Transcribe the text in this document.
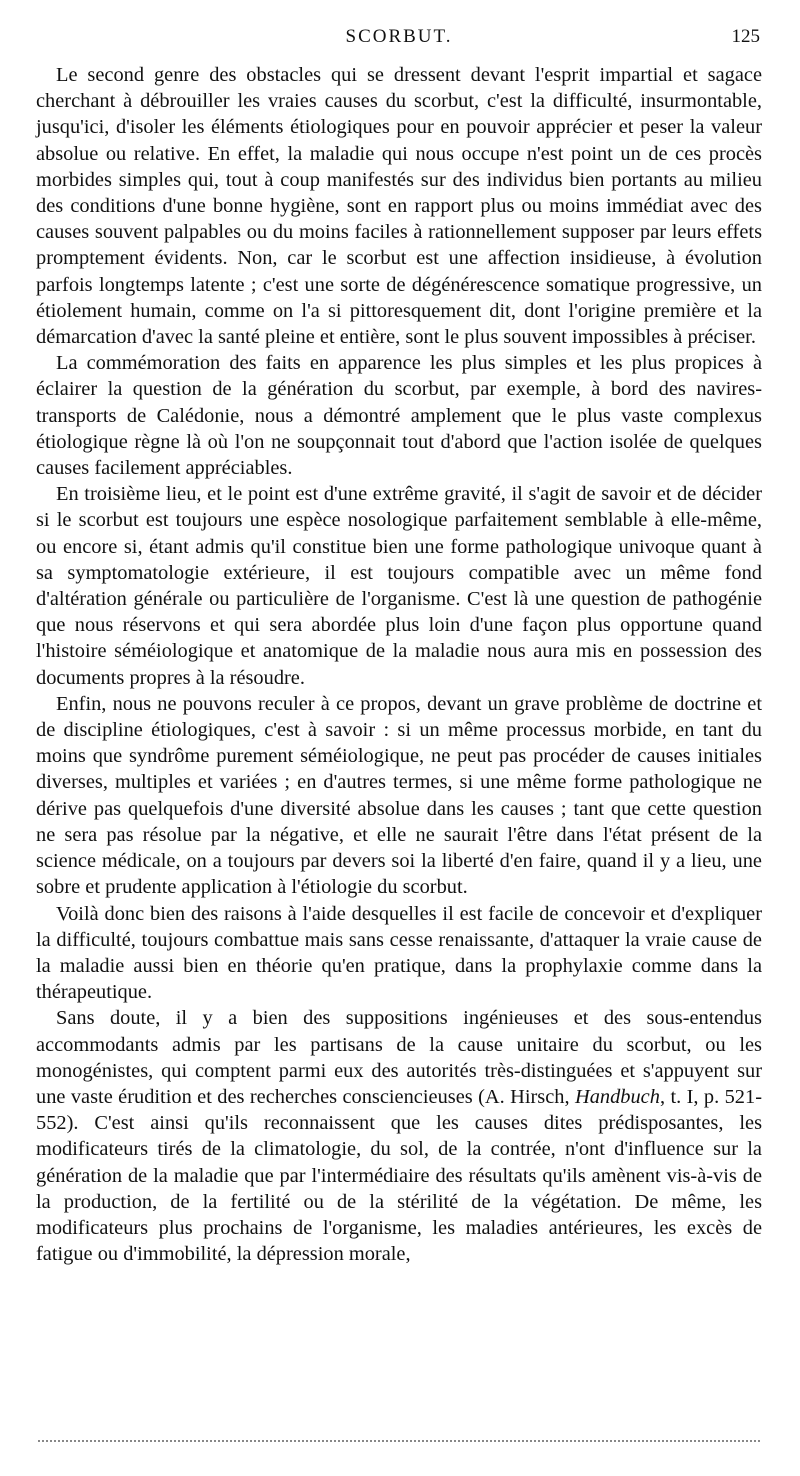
SCORBUT.	125

Le second genre des obstacles qui se dressent devant l'esprit impartial et sagace cherchant à débrouiller les vraies causes du scorbut, c'est la difficulté, insurmontable, jusqu'ici, d'isoler les éléments étiologiques pour en pouvoir apprécier et peser la valeur absolue ou relative. En effet, la maladie qui nous occupe n'est point un de ces procès morbides simples qui, tout à coup manifestés sur des individus bien portants au milieu des conditions d'une bonne hygiène, sont en rapport plus ou moins immédiat avec des causes souvent palpables ou du moins faciles à rationnellement supposer par leurs effets promptement évidents. Non, car le scorbut est une affection insidieuse, à évolution parfois longtemps latente ; c'est une sorte de dégénérescence somatique progressive, un étiolement humain, comme on l'a si pittoresquement dit, dont l'origine première et la démarcation d'avec la santé pleine et entière, sont le plus souvent impossibles à préciser.

La commémoration des faits en apparence les plus simples et les plus propices à éclairer la question de la génération du scorbut, par exemple, à bord des navires-transports de Calédonie, nous a démontré amplement que le plus vaste complexus étiologique règne là où l'on ne soupçonnait tout d'abord que l'action isolée de quelques causes facilement appréciables.

En troisième lieu, et le point est d'une extrême gravité, il s'agit de savoir et de décider si le scorbut est toujours une espèce nosologique parfaitement semblable à elle-même, ou encore si, étant admis qu'il constitue bien une forme pathologique univoque quant à sa symptomatologie extérieure, il est toujours compatible avec un même fond d'altération générale ou particulière de l'organisme. C'est là une question de pathogénie que nous réservons et qui sera abordée plus loin d'une façon plus opportune quand l'histoire séméiologique et anatomique de la maladie nous aura mis en possession des documents propres à la résoudre.

Enfin, nous ne pouvons reculer à ce propos, devant un grave problème de doctrine et de discipline étiologiques, c'est à savoir : si un même processus morbide, en tant du moins que syndrôme purement séméiologique, ne peut pas procéder de causes initiales diverses, multiples et variées ; en d'autres termes, si une même forme pathologique ne dérive pas quelquefois d'une diversité absolue dans les causes ; tant que cette question ne sera pas résolue par la négative, et elle ne saurait l'être dans l'état présent de la science médicale, on a toujours par devers soi la liberté d'en faire, quand il y a lieu, une sobre et prudente application à l'étiologie du scorbut.

Voilà donc bien des raisons à l'aide desquelles il est facile de concevoir et d'expliquer la difficulté, toujours combattue mais sans cesse renaissante, d'attaquer la vraie cause de la maladie aussi bien en théorie qu'en pratique, dans la prophylaxie comme dans la thérapeutique.

Sans doute, il y a bien des suppositions ingénieuses et des sous-entendus accommodants admis par les partisans de la cause unitaire du scorbut, ou les monogénistes, qui comptent parmi eux des autorités très-distinguées et s'appuyent sur une vaste érudition et des recherches consciencieuses (A. Hirsch, Handbuch, t. I, p. 521-552). C'est ainsi qu'ils reconnaissent que les causes dites prédisposantes, les modificateurs tirés de la climatologie, du sol, de la contrée, n'ont d'influence sur la génération de la maladie que par l'intermédiaire des résultats qu'ils amènent vis-à-vis de la production, de la fertilité ou de la stérilité de la végétation. De même, les modificateurs plus prochains de l'organisme, les maladies antérieures, les excès de fatigue ou d'immobilité, la dépression morale,
